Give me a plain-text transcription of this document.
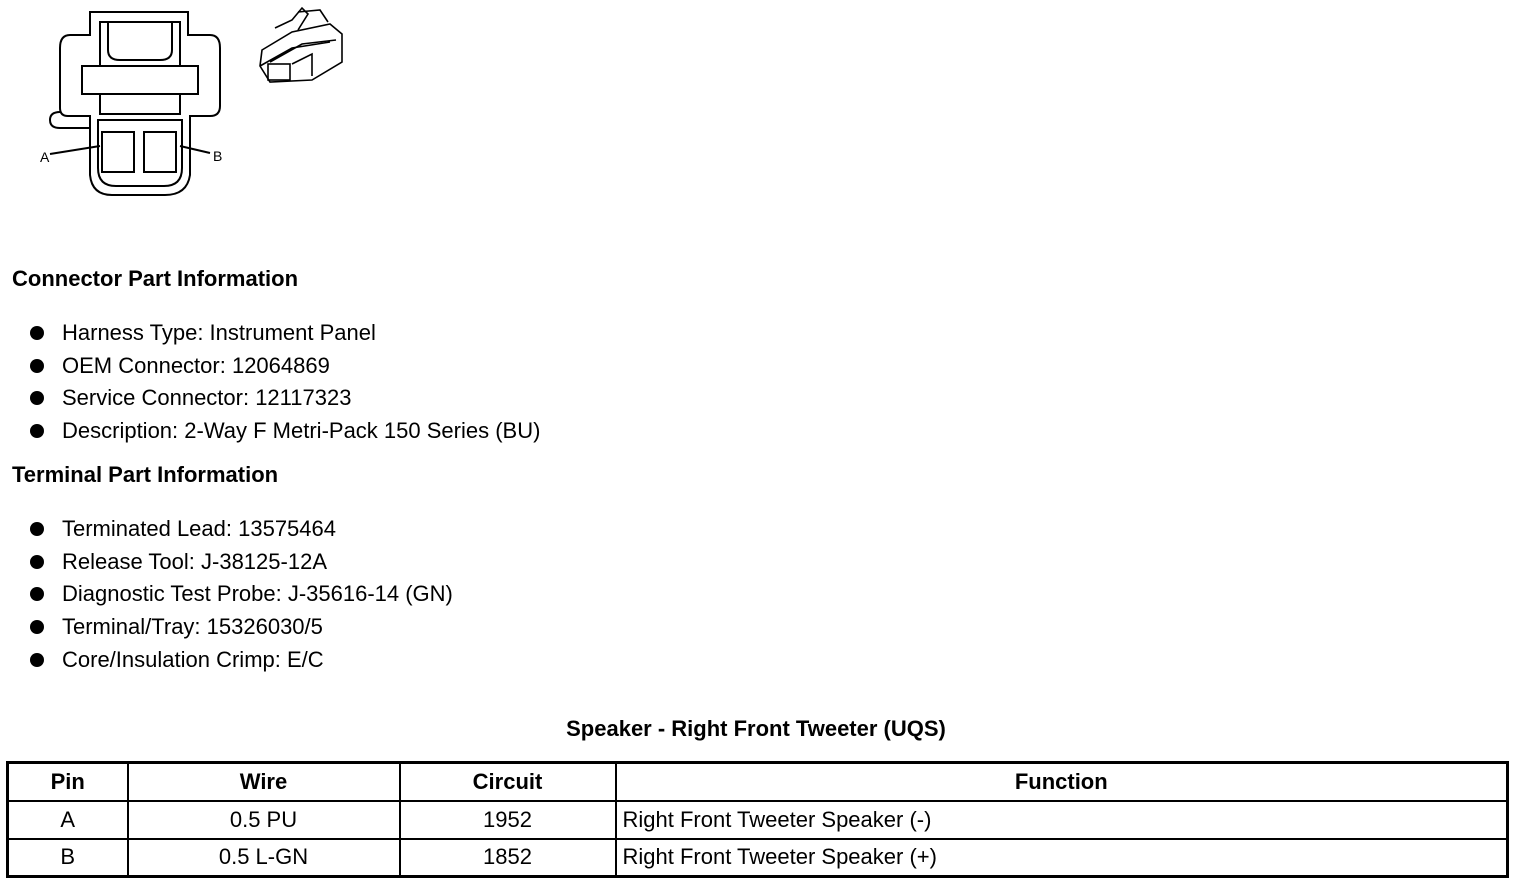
A	B
Connector Part Information
Harness Type: Instrument Panel
OEM Connector: 12064869
Service Connector: 12117323
Description: 2-Way F Metri-Pack 150 Series (BU)
Terminal Part Information
Terminated Lead: 13575464
Release Tool: J-38125-12A
Diagnostic Test Probe: J-35616-14 (GN)
Terminal/Tray: 15326030/5
Core/Insulation Crimp: E/C
Speaker - Right Front Tweeter (UQS)
Pin	Wire	Circuit	Function
A	0.5 PU	1952	Right Front Tweeter Speaker (-)
B	0.5 L-GN	1852	Right Front Tweeter Speaker (+)
